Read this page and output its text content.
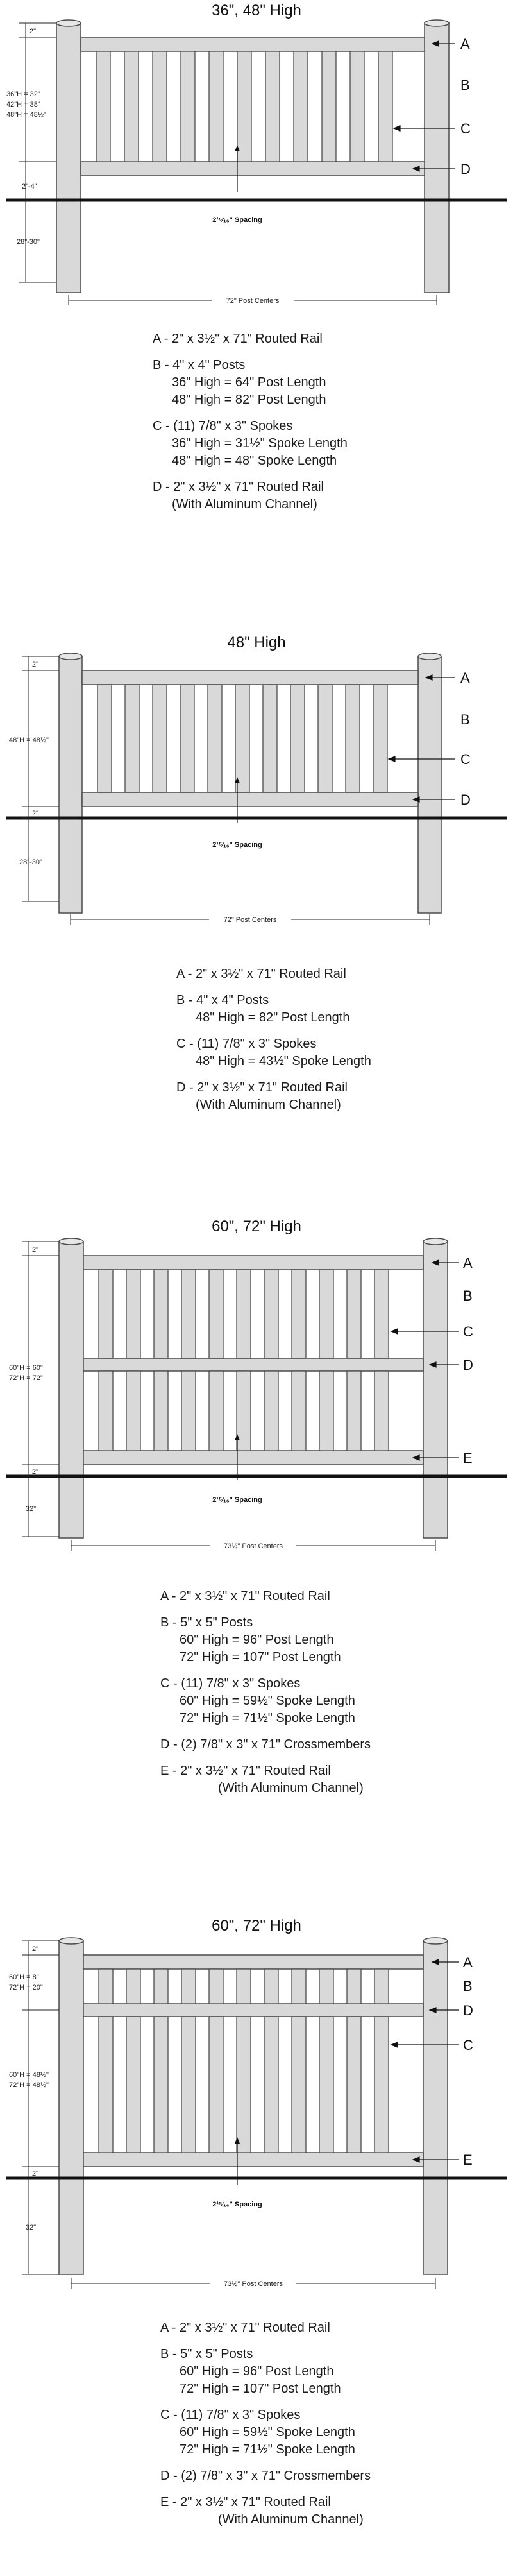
36", 48" High
2¹⁵⁄₁₆" Spacing
2"
36"H = 32"
42"H = 38"
48"H = 48½"
2"-4"
28"-30"
72" Post Centers
A
B
C
D
A - 2" x 3½" x 71" Routed Rail
B - 4" x 4" Posts
36" High = 64" Post Length
48" High = 82" Post Length
C - (11) 7/8" x 3" Spokes
36" High = 31½" Spoke Length
48" High = 48" Spoke Length
D - 2" x 3½" x 71" Routed Rail
(With Aluminum Channel)
48" High
2¹⁵⁄₁₆" Spacing
2"
48"H = 48½"
2"
28"-30"
72" Post Centers
A
B
C
D
A - 2" x 3½" x 71" Routed Rail
B - 4" x 4" Posts
48" High = 82" Post Length
C - (11) 7/8" x 3" Spokes
48" High = 43½" Spoke Length
D - 2" x 3½" x 71" Routed Rail
(With Aluminum Channel)
60", 72" High
2¹⁵⁄₁₆" Spacing
2"
60"H = 60"
72"H = 72"
2"
32"
73½" Post Centers
A
B
C
D
E
A - 2" x 3½" x 71" Routed Rail
B - 5" x 5" Posts
60" High = 96" Post Length
72" High = 107" Post Length
C - (11) 7/8" x 3" Spokes
60" High = 59½" Spoke Length
72" High = 71½" Spoke Length
D - (2) 7/8" x 3" x 71" Crossmembers
E - 2" x 3½" x 71" Routed Rail
(With Aluminum Channel)
60", 72" High
2¹⁵⁄₁₆" Spacing
2"
60"H = 8"
72"H = 20"
60"H = 48½"
72"H = 48½"
2"
32"
73½" Post Centers
A
B
D
C
E
A - 2" x 3½" x 71" Routed Rail
B - 5" x 5" Posts
60" High = 96" Post Length
72" High = 107" Post Length
C - (11) 7/8" x 3" Spokes
60" High = 59½" Spoke Length
72" High = 71½" Spoke Length
D - (2) 7/8" x 3" x 71" Crossmembers
E - 2" x 3½" x 71" Routed Rail
(With Aluminum Channel)
